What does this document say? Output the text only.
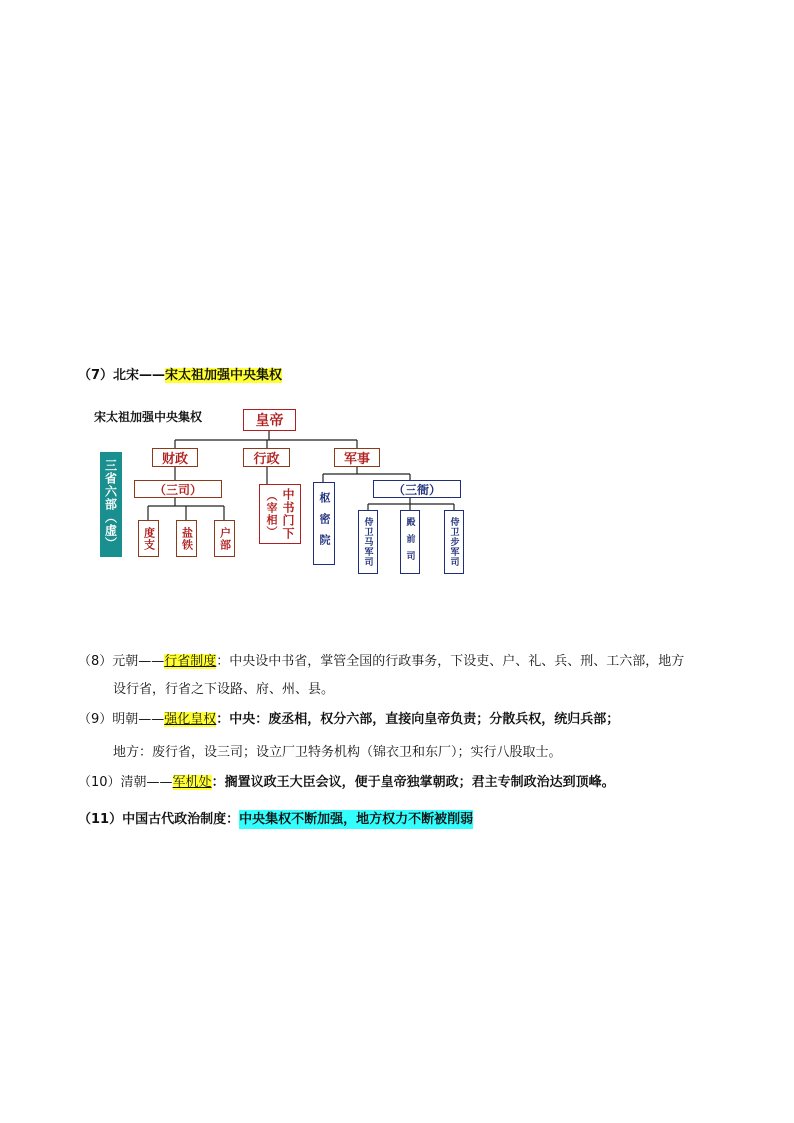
（7）北宋——宋太祖加强中央集权
宋太祖加强中央集权	皇帝
财政	行政	军事
三省六部（虚）	（三司）
度支	盐铁	户部
（宰相） 中书门下	枢密院
（三衙）
侍卫马军司	殿前司	侍卫步军司
（8）元朝——行省制度：中央设中书省，掌管全国的行政事务，下设吏、户、礼、兵、刑、工六部，地方
设行省，行省之下设路、府、州、县。
（9）明朝——强化皇权：中央：废丞相，权分六部，直接向皇帝负责；分散兵权，统归兵部；
地方：废行省，设三司；设立厂卫特务机构（锦衣卫和东厂）；实行八股取士。
（10）清朝——军机处：搁置议政王大臣会议，便于皇帝独掌朝政；君主专制政治达到顶峰。
（11）中国古代政治制度：中央集权不断加强，地方权力不断被削弱
